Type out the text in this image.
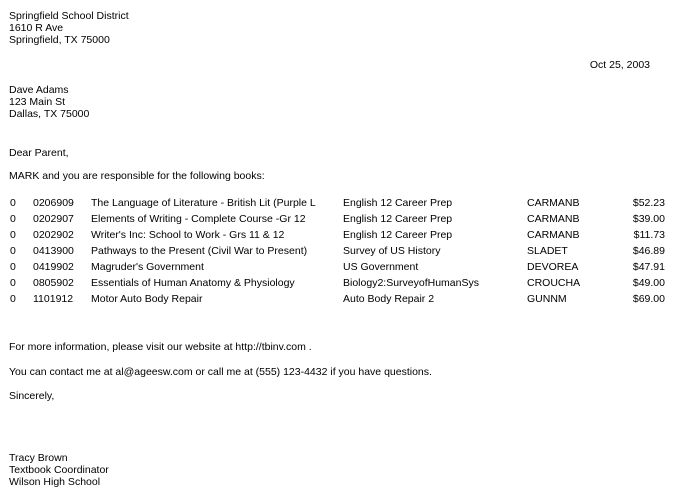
Springfield School District
1610 R Ave
Springfield, TX 75000
Oct 25, 2003
Dave Adams
123 Main St
Dallas, TX 75000
Dear Parent,
MARK and you are responsible for the following books:
0 0206909 The Language of Literature - British Lit (Purple L	English 12 Career Prep	CARMANB	$52.23
0 0202907 Elements of Writing - Complete Course -Gr 12	English 12 Career Prep	CARMANB	$39.00
0 0202902 Writer's Inc: School to Work - Grs 11 & 12	English 12 Career Prep	CARMANB	$11.73
0 0413900 Pathways to the Present (Civil War to Present)	Survey of US History	SLADET	$46.89
0 0419902 Magruder's Government	US Government	DEVOREA	$47.91
0 0805902 Essentials of Human Anatomy & Physiology	Biology2:SurveyofHumanSys	CROUCHA	$49.00
0 1101912 Motor Auto Body Repair	Auto Body Repair 2	GUNNM	$69.00
For more information, please visit our website at http://tbinv.com .
You can contact me at al@ageesw.com or call me at (555) 123-4432 if you have questions.
Sincerely,
Tracy Brown
Textbook Coordinator
Wilson High School
